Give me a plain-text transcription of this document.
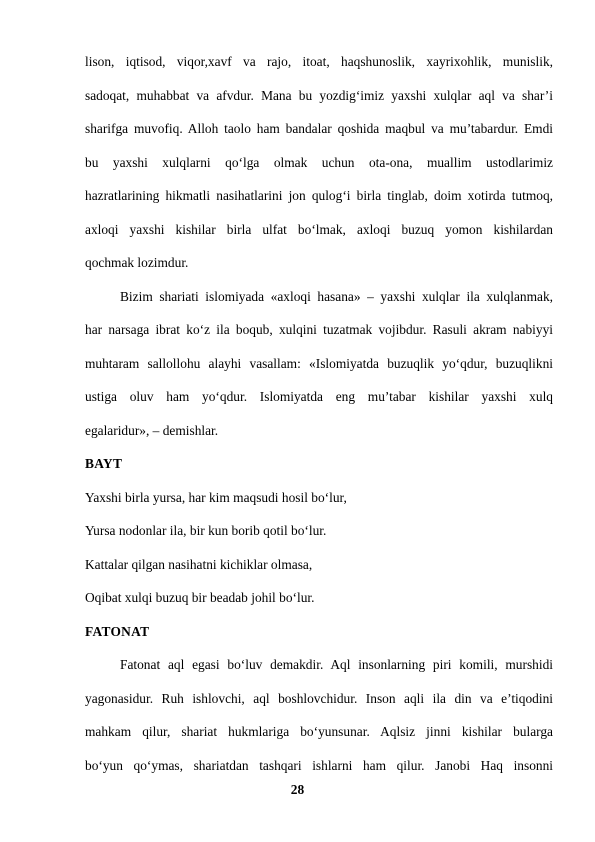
lison, iqtisod, viqor,xavf va rajo, itoat, haqshunoslik, xayrixohlik, munislik,
sadoqat, muhabbat va afvdur. Mana bu yozdig‘imiz yaxshi xulqlar aql va shar’i
sharifga muvofiq. Alloh taolo ham bandalar qoshida maqbul va mu’tabardur. Emdi
bu yaxshi xulqlarni qo‘lga olmak uchun ota-ona, muallim ustodlarimiz
hazratlarining hikmatli nasihatlarini jon qulog‘i birla tinglab, doim xotirda tutmoq,
axloqi yaxshi kishilar birla ulfat bo‘lmak, axloqi buzuq yomon kishilardan
qochmak lozimdur.
Bizim shariati islomiyada «axloqi hasana» – yaxshi xulqlar ila xulqlanmak,
har narsaga ibrat ko‘z ila boqub, xulqini tuzatmak vojibdur. Rasuli akram nabiyyi
muhtaram sallollohu alayhi vasallam: «Islomiyatda buzuqlik yo‘qdur, buzuqlikni
ustiga oluv ham yo‘qdur. Islomiyatda eng mu’tabar kishilar yaxshi xulq
egalaridur», – demishlar.
BAYT
Yaxshi birla yursa, har kim maqsudi hosil bo‘lur,
Yursa nodonlar ila, bir kun borib qotil bo‘lur.
Kattalar qilgan nasihatni kichiklar olmasa,
Oqibat xulqi buzuq bir beadab johil bo‘lur.
FATONAT
Fatonat aql egasi bo‘luv demakdir. Aql insonlarning piri komili, murshidi
yagonasidur. Ruh ishlovchi, aql boshlovchidur. Inson aqli ila din va e’tiqodini
mahkam qilur, shariat hukmlariga bo‘yunsunar. Aqlsiz jinni kishilar bularga
bo‘yun qo‘ymas, shariatdan tashqari ishlarni ham qilur. Janobi Haq insonni
28
